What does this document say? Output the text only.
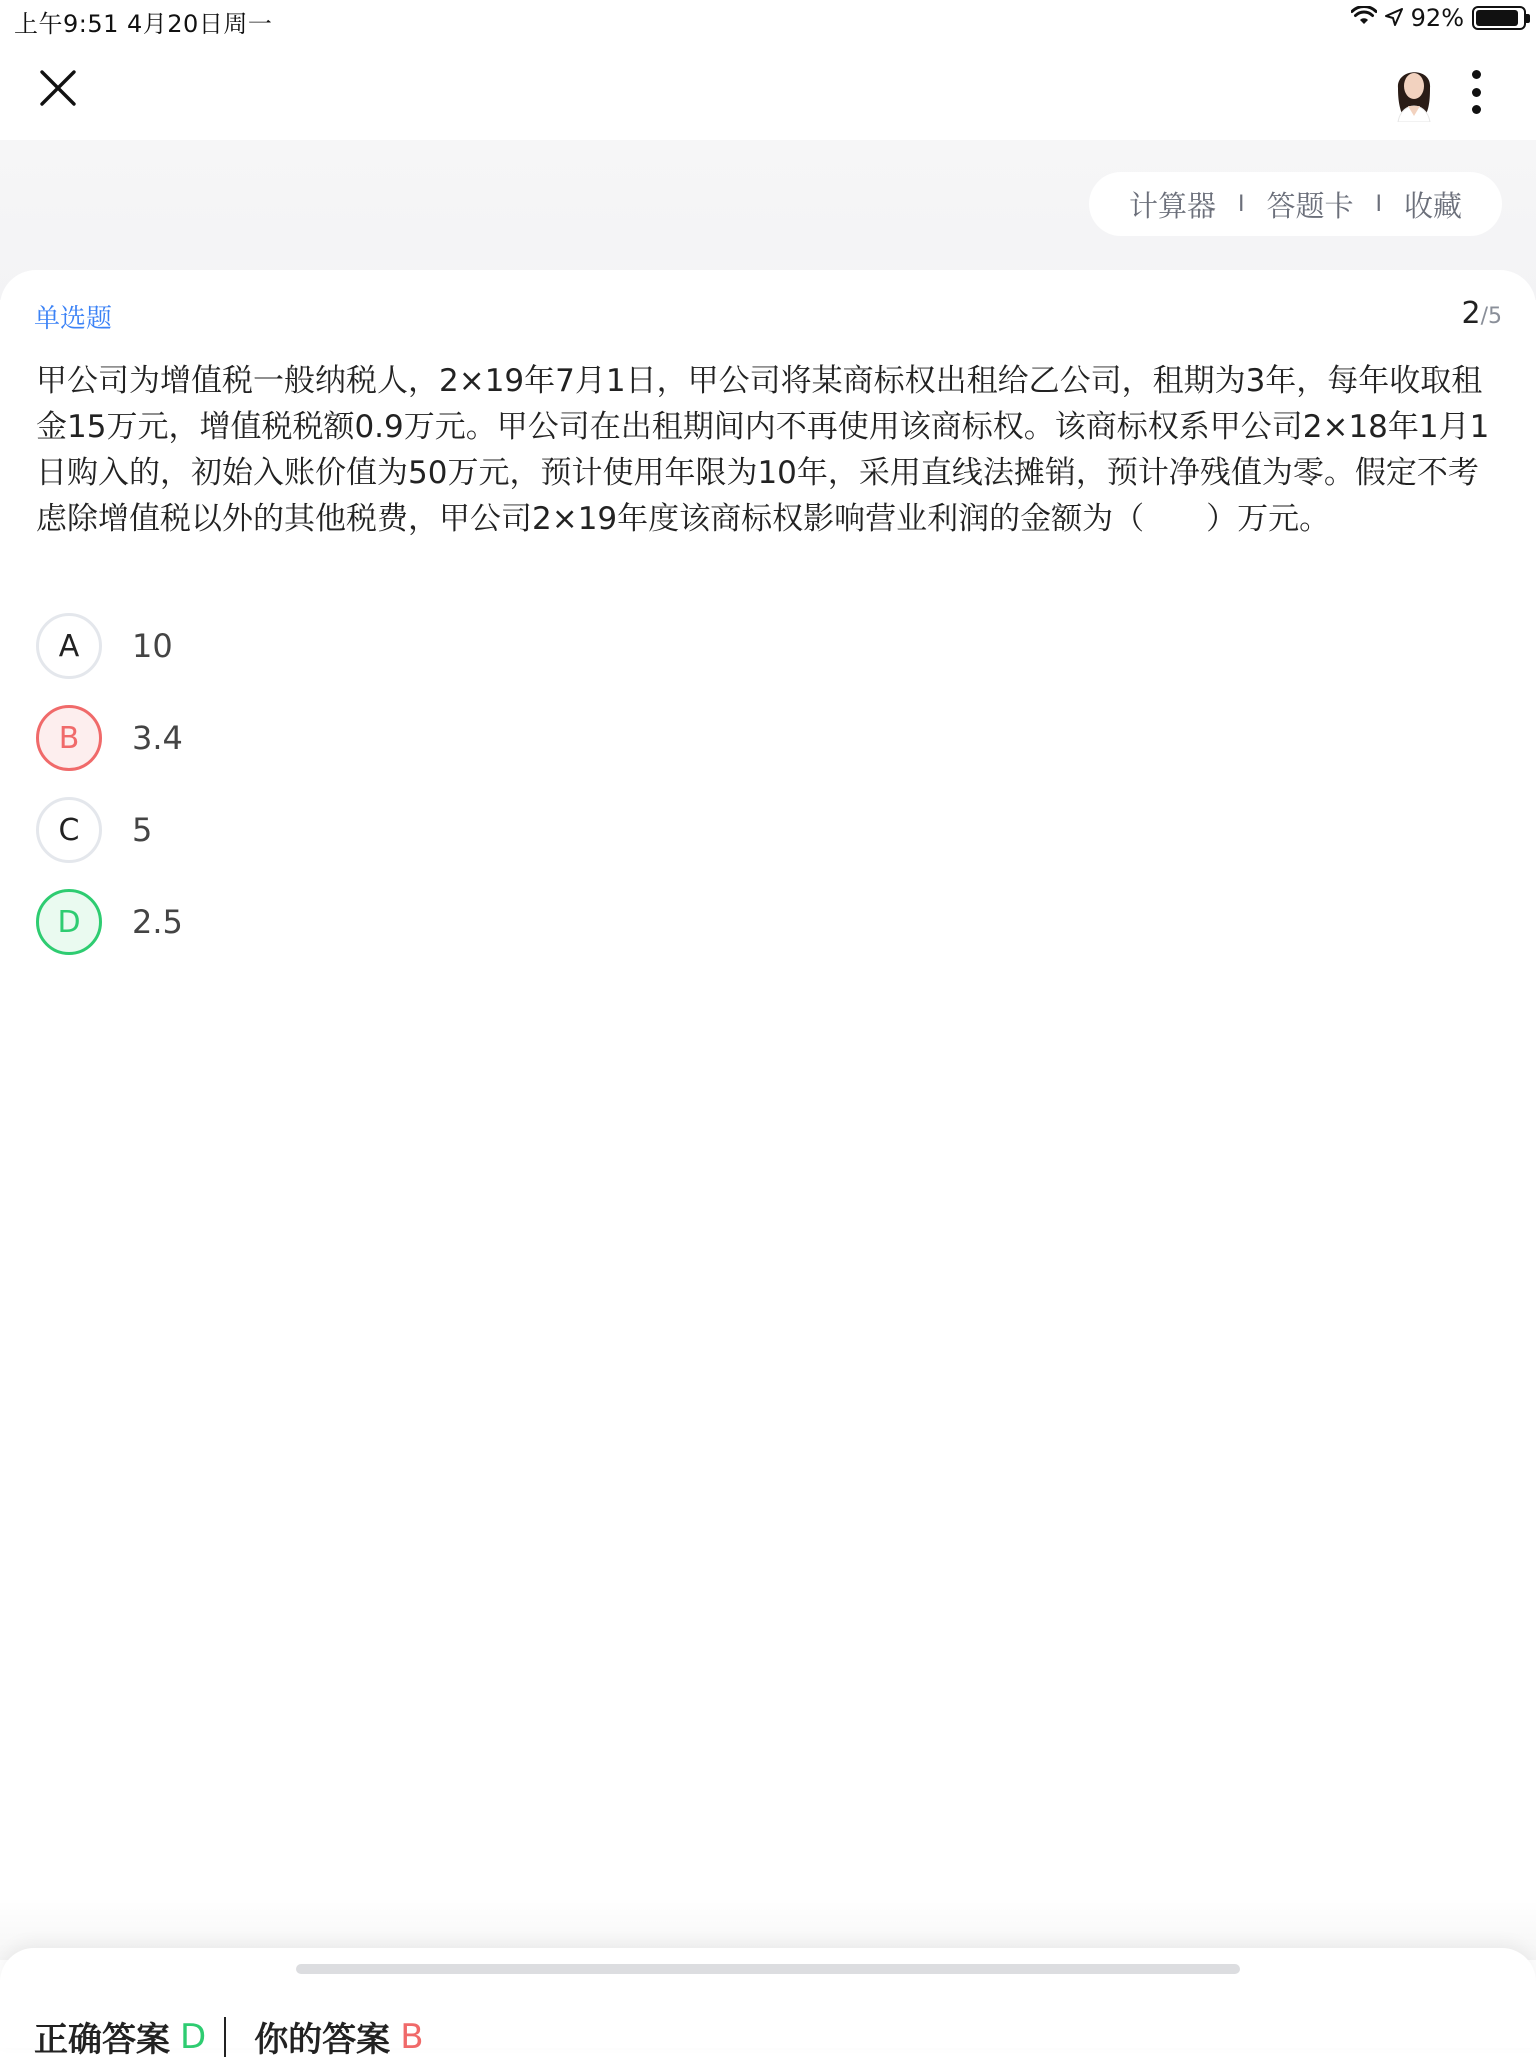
上午9:51 4月20日周一	92%
计算器 I 答题卡 I 收藏
单选题	2/5
甲公司为增值税一般纳税人，2×19年7月1日，甲公司将某商标权出租给乙公司，租期为3年，每年收取租金15万元，增值税税额0.9万元。甲公司在出租期间内不再使用该商标权。该商标权系甲公司2×18年1月1日购入的，初始入账价值为50万元，预计使用年限为10年，采用直线法摊销，预计净残值为零。假定不考虑除增值税以外的其他税费，甲公司2×19年度该商标权影响营业利润的金额为（　　）万元。
A	10
B	3.4
C	5
D	2.5
正确答案 D 你的答案 B
